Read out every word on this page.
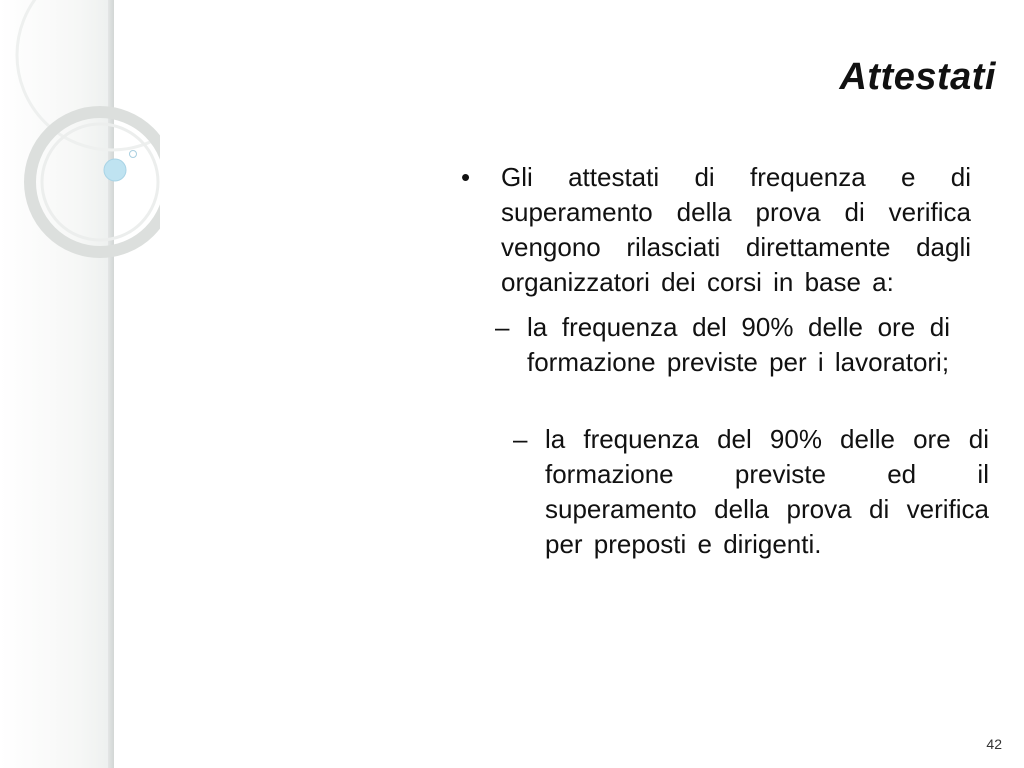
Attestati
• Gli attestati di frequenza e di superamento della prova di verifica vengono rilasciati direttamente dagli organizzatori dei corsi in base a:
– la frequenza del 90% delle ore di formazione previste per i lavoratori;
– la frequenza del 90% delle ore di formazione previste ed il superamento della prova di verifica per preposti e dirigenti.
42
